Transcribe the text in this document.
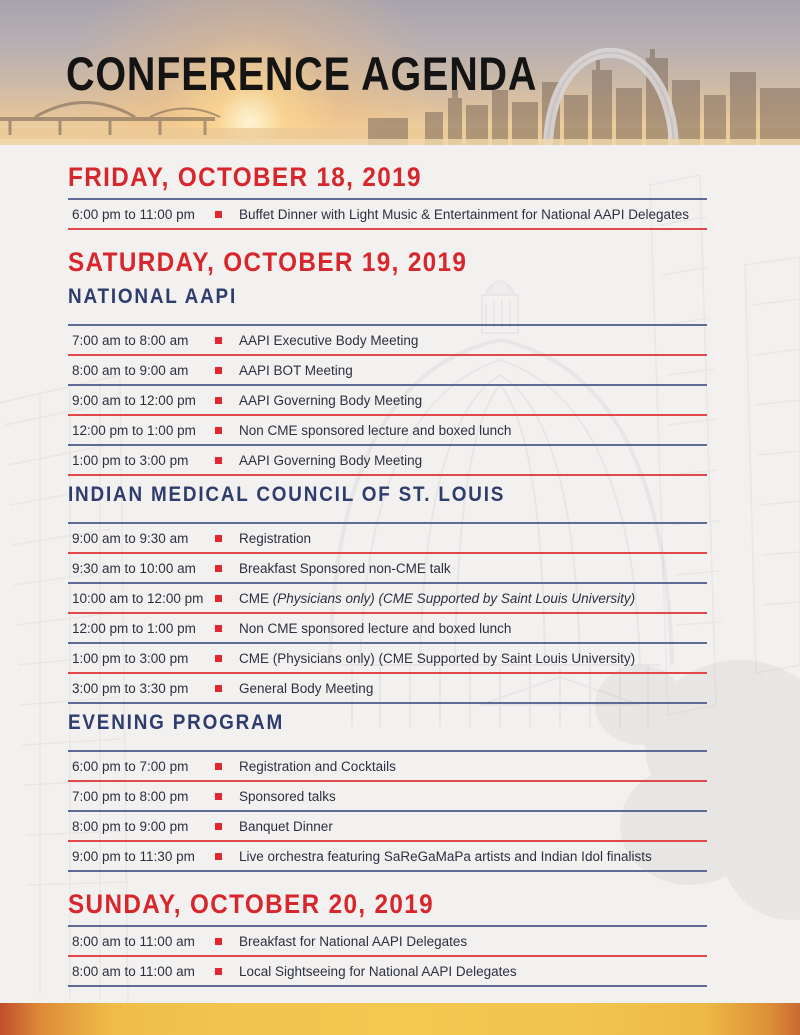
CONFERENCE AGENDA
FRIDAY, OCTOBER 18, 2019
6:00 pm to 11:00 pm	Buffet Dinner with Light Music & Entertainment for National AAPI Delegates
SATURDAY, OCTOBER 19, 2019
NATIONAL AAPI
7:00 am to 8:00 am	AAPI Executive Body Meeting
8:00 am to 9:00 am	AAPI BOT Meeting
9:00 am to 12:00 pm	AAPI Governing Body Meeting
12:00 pm to 1:00 pm	Non CME sponsored lecture and boxed lunch
1:00 pm to 3:00 pm	AAPI Governing Body Meeting
INDIAN MEDICAL COUNCIL OF ST. LOUIS
9:00 am to 9:30 am	Registration
9:30 am to 10:00 am	Breakfast Sponsored non-CME talk
10:00 am to 12:00 pm	CME (Physicians only) (CME Supported by Saint Louis University)
12:00 pm to 1:00 pm	Non CME sponsored lecture and boxed lunch
1:00 pm to 3:00 pm	CME (Physicians only) (CME Supported by Saint Louis University)
3:00 pm to 3:30 pm	General Body Meeting
EVENING PROGRAM
6:00 pm to 7:00 pm	Registration and Cocktails
7:00 pm to 8:00 pm	Sponsored talks
8:00 pm to 9:00 pm	Banquet Dinner
9:00 pm to 11:30 pm	Live orchestra featuring SaReGaMaPa artists and Indian Idol finalists
SUNDAY, OCTOBER 20, 2019
8:00 am to 11:00 am	Breakfast for National AAPI Delegates
8:00 am to 11:00 am	Local Sightseeing for National AAPI Delegates
